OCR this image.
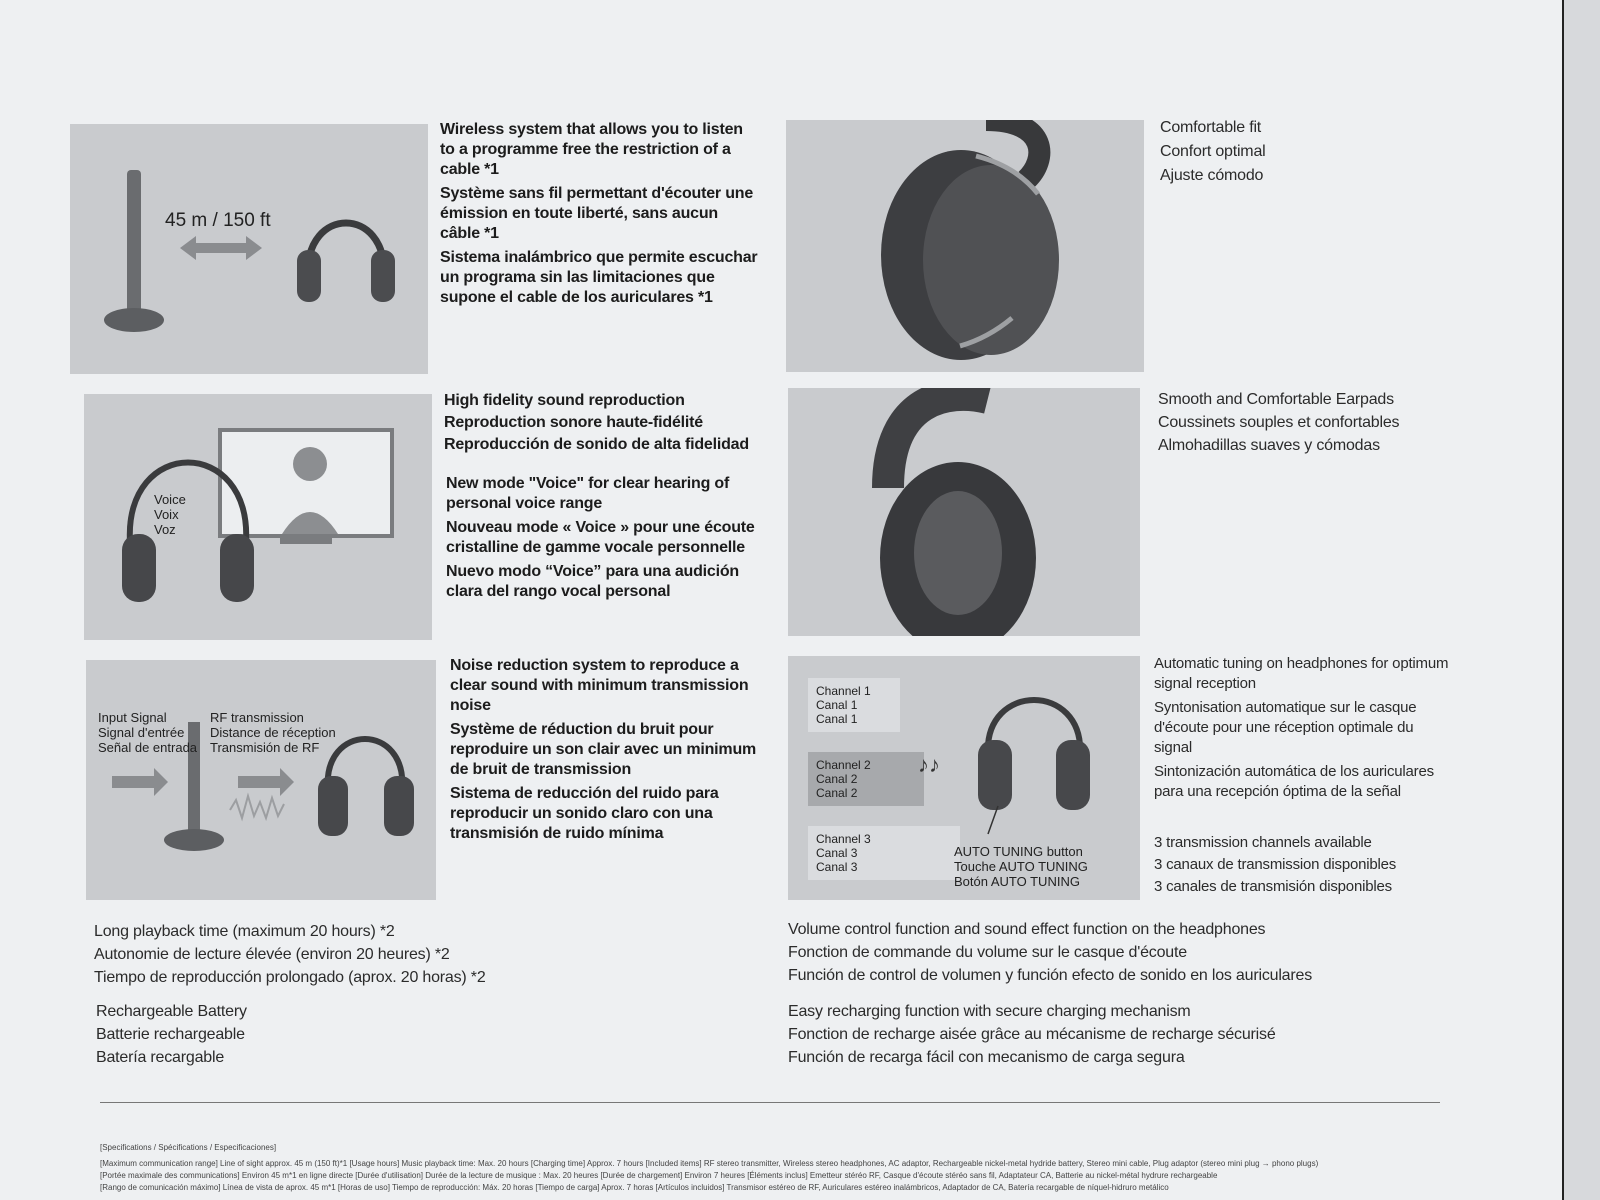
45 m / 150 ft

Wireless system that allows you to listen to a programme free the restriction of a cable *1

Système sans fil permettant d'écouter une émission en toute liberté, sans aucun câble *1

Sistema inalámbrico que permite escuchar un programa sin las limitaciones que supone el cable de los auriculares *1

Comfortable fit
Confort optimal
Ajuste cómodo
Voice
Voix
Voz
High fidelity sound reproduction
Reproduction sonore haute-fidélité
Reproducción de sonido de alta fidelidad

New mode "Voice" for clear hearing of personal voice range

Nouveau mode « Voice » pour une écoute cristalline de gamme vocale personnelle

Nuevo modo “Voice” para una audición clara del rango vocal personal

Smooth and Comfortable Earpads
Coussinets souples et confortables
Almohadillas suaves y cómodas
Input Signal
Signal d'entrée
Señal de entrada
RF transmission
Distance de réception
Transmisión de RF

Noise reduction system to reproduce a clear sound with minimum transmission noise

Système de réduction du bruit pour reproduire un son clair avec un minimum de bruit de transmission

Sistema de reducción del ruido para reproducir un sonido claro con una transmisión de ruido mínima

Channel 1
Canal 1
Canal 1
Channel 2
Canal 2
Canal 2
Channel 3
Canal 3
Canal 3
♪♪
AUTO TUNING button
Touche AUTO TUNING
Botón AUTO TUNING

Automatic tuning on headphones for optimum signal reception

Syntonisation automatique sur le casque d'écoute pour une réception optimale du signal

Sintonización automática de los auriculares para una recepción óptima de la señal

3 transmission channels available
3 canaux de transmission disponibles
3 canales de transmisión disponibles
Long playback time (maximum 20 hours) *2
Autonomie de lecture élevée (environ 20 heures) *2
Tiempo de reproducción prolongado (aprox. 20 horas) *2
Rechargeable Battery
Batterie rechargeable
Batería recargable
Volume control function and sound effect function on the headphones
Fonction de commande du volume sur le casque d'écoute
Función de control de volumen y función efecto de sonido en los auriculares
Easy recharging function with secure charging mechanism
Fonction de recharge aisée grâce au mécanisme de recharge sécurisé
Función de recarga fácil con mecanismo de carga segura
[Specifications / Spécifications / Especificaciones]
[Maximum communication range] Line of sight approx. 45 m (150 ft)*1 [Usage hours] Music playback time: Max. 20 hours [Charging time] Approx. 7 hours [Included items] RF stereo transmitter, Wireless stereo headphones, AC adaptor, Rechargeable nickel-metal hydride battery, Stereo mini cable, Plug adaptor (stereo mini plug → phono plugs)
[Portée maximale des communications] Environ 45 m*1 en ligne directe [Durée d'utilisation] Durée de la lecture de musique : Max. 20 heures [Durée de chargement] Environ 7 heures [Éléments inclus] Emetteur stéréo RF, Casque d'écoute stéréo sans fil, Adaptateur CA, Batterie au nickel-métal hydrure rechargeable
[Rango de comunicación máximo] Línea de vista de aprox. 45 m*1 [Horas de uso] Tiempo de reproducción: Máx. 20 horas [Tiempo de carga] Aprox. 7 horas [Artículos incluidos] Transmisor estéreo de RF, Auriculares estéreo inalámbricos, Adaptador de CA, Batería recargable de níquel-hidruro metálico
